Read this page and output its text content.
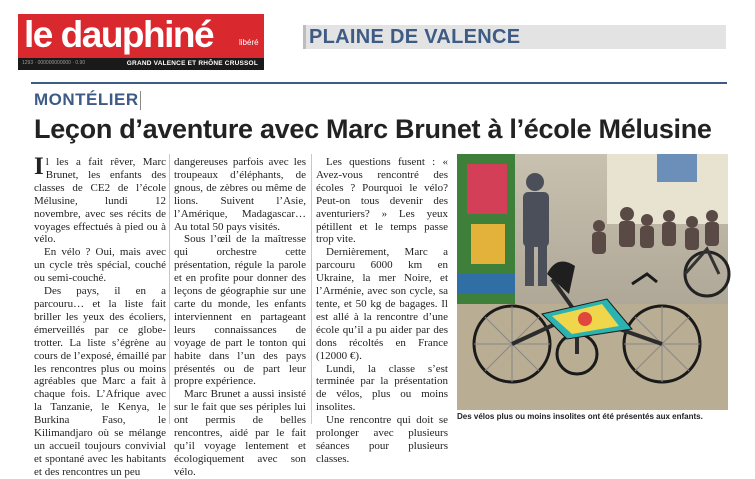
le dauphiné	libéré
1293 · 000000000000 · 0.90	GRAND VALENCE ET RHÔNE CRUSSOL
PLAINE DE VALENCE
MONTÉLIER
Leçon d’aventure avec Marc Brunet à l’école Mélusine

Il les a fait rêver, Marc Brunet, les enfants des classes de CE2 de l’école Mélusine, lundi 12 novembre, avec ses récits de voyages effectués à pied ou à vélo.

En vélo ? Oui, mais avec un cycle très spécial, couché ou semi-couché.

Des pays, il en a parcouru… et la liste fait briller les yeux des écoliers, émerveillés par ce globe-trotter. La liste s’égrène au cours de l’exposé, émaillé par les rencontres plus ou moins agréables que Marc a fait à chaque fois. L’Afrique avec la Tanzanie, le Kenya, le Burkina Faso, le Kilimandjaro où se mélange un accueil toujours convivial et spontané avec les habitants et des rencontres un peu

dangereuses parfois avec les troupeaux d’éléphants, de gnous, de zèbres ou même de lions. Suivent l’Asie, l’Amérique, Madagascar… Au total 50 pays visités.

Sous l’œil de la maîtresse qui orchestre cette présentation, régule la parole et en profite pour donner des leçons de géographie sur une carte du monde, les enfants interviennent en partageant leurs connaissances de voyage de part le tonton qui habite dans l’un des pays présentés ou de part leur propre expérience.

Marc Brunet a aussi insisté sur le fait que ses périples lui ont permis de belles rencontres, aidé par le fait qu’il voyage lentement et écologiquement avec son vélo.

Les questions fusent : « Avez-vous rencontré des écoles ? Pourquoi le vélo? Peut-on tous devenir des aventuriers? » Les yeux pétillent et le temps passe trop vite.

Dernièrement, Marc a parcouru 6000 km en Ukraine, la mer Noire, et l’Arménie, avec son cycle, sa tente, et 50 kg de bagages. Il est allé à la rencontre d’une école qu’il a pu aider par des dons récoltés en France (12000 €).

Lundi, la classe s’est terminée par la présentation de vélos, plus ou moins insolites.

Une rencontre qui doit se prolonger avec plusieurs séances pour plusieurs classes.

Des vélos plus ou moins insolites ont été présentés aux enfants.
